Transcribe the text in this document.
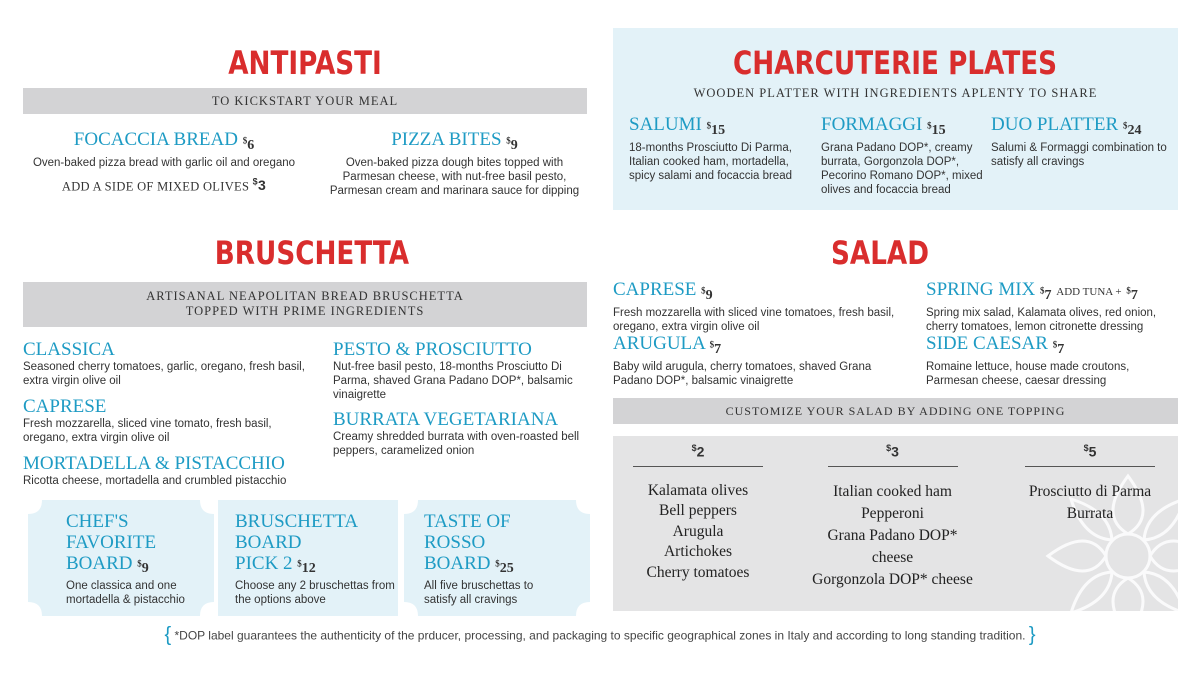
ANTIPASTI
TO KICKSTART YOUR MEAL
FOCACCIA BREAD $^{^{\$}6}$
Oven-baked pizza bread with garlic oil and oregano
ADD A SIDE OF MIXED OLIVES $3
PIZZA BITES $^{^{\$}9}$
Oven-baked pizza dough bites topped with Parmesan cheese, with nut-free basil pesto, Parmesan cream and marinara sauce for dipping
CHARCUTERIE PLATES
WOODEN PLATTER WITH INGREDIENTS APLENTY TO SHARE
SALUMI $^{^{\$}15}$
18-months Prosciutto Di Parma, Italian cooked ham, mortadella, spicy salami and focaccia bread
FORMAGGI $^{^{\$}15}$
Grana Padano DOP*, creamy burrata, Gorgonzola DOP*, Pecorino Romano DOP*, mixed olives and focaccia bread
DUO PLATTER $^{^{\$}24}$
Salumi & Formaggi combination to satisfy all cravings
BRUSCHETTA
ARTISANAL NEAPOLITAN BREAD BRUSCHETTA
TOPPED WITH PRIME INGREDIENTS
CLASSICA
Seasoned cherry tomatoes, garlic, oregano, fresh basil, extra virgin olive oil
CAPRESE
Fresh mozzarella, sliced vine tomato, fresh basil, oregano, extra virgin olive oil
MORTADELLA & PISTACCHIO
Ricotta cheese, mortadella and crumbled pistacchio
PESTO & PROSCIUTTO
Nut-free basil pesto, 18-months Prosciutto Di Parma, shaved Grana Padano DOP*, balsamic vinaigrette
BURRATA VEGETARIANA
Creamy shredded burrata with oven-roasted bell peppers, caramelized onion
CHEF'S
FAVORITE
BOARD $^{^{\$}9}$
One classica and one mortadella & pistacchio
BRUSCHETTA
BOARD
PICK 2 $^{^{\$}12}$
Choose any 2 bruschettas from the options above
TASTE OF
ROSSO
BOARD $^{^{\$}25}$
All five bruschettas to satisfy all cravings
SALAD
CAPRESE $^{^{\$}9}$
Fresh mozzarella with sliced vine tomatoes, fresh basil, oregano, extra virgin olive oil
ARUGULA $^{^{\$}7}$
Baby wild arugula, cherry tomatoes, shaved Grana Padano DOP*, balsamic vinaigrette
SPRING MIX $^{^{\$}7}$ ADD TUNA + $^{^{\$}7}$
Spring mix salad, Kalamata olives, red onion, cherry tomatoes, lemon citronette dressing
SIDE CAESAR $^{^{\$}7}$
Romaine lettuce, house made croutons, Parmesan cheese, caesar dressing
CUSTOMIZE YOUR SALAD BY ADDING ONE TOPPING
$2
Kalamata olives
Bell peppers
Arugula
Artichokes
Cherry tomatoes
$3
Italian cooked ham
Pepperoni
Grana Padano DOP*
cheese
Gorgonzola DOP* cheese
$5
Prosciutto di Parma
Burrata
{ *DOP label guarantees the authenticity of the prducer, processing, and packaging to specific geographical zones in Italy and according to long standing tradition. }
